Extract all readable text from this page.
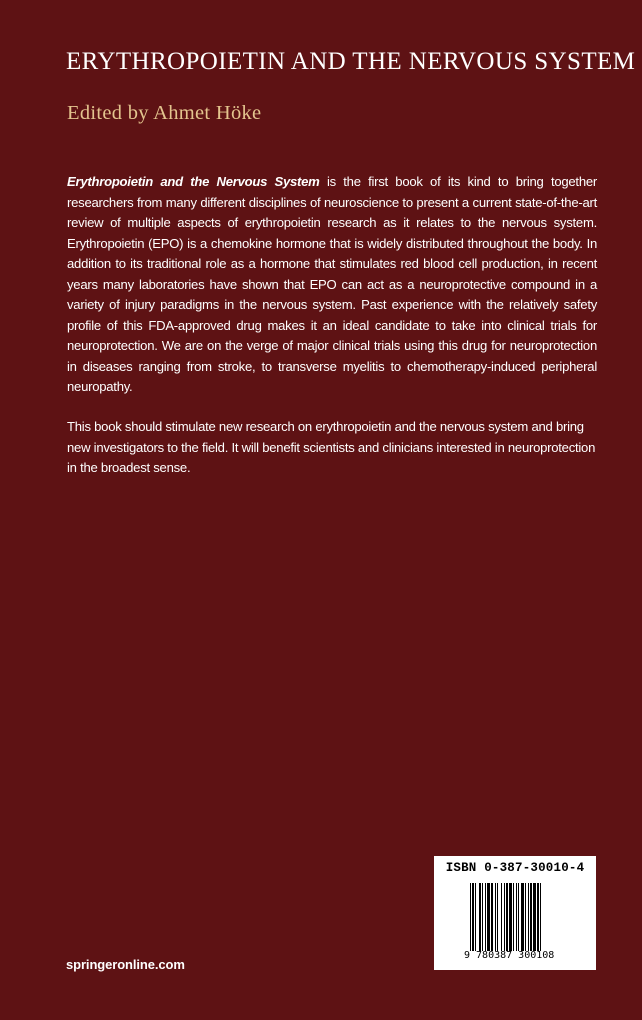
ERYTHROPOIETIN AND THE NERVOUS SYSTEM

Edited by Ahmet Höke

Erythropoietin and the Nervous System is the first book of its kind to bring together researchers from many different disciplines of neuroscience to present a current state-of-the-art review of multiple aspects of erythropoietin research as it relates to the nervous system. Erythropoietin (EPO) is a chemokine hormone that is widely distributed throughout the body. In addition to its traditional role as a hormone that stimulates red blood cell production, in recent years many laboratories have shown that EPO can act as a neuroprotective compound in a variety of injury paradigms in the nervous system. Past experience with the relatively safety profile of this FDA-approved drug makes it an ideal candidate to take into clinical trials for neuroprotection. We are on the verge of major clinical trials using this drug for neuroprotection in diseases ranging from stroke, to transverse myelitis to chemotherapy-induced peripheral neuropathy.

This book should stimulate new research on erythropoietin and the nervous system and bring new investigators to the field. It will benefit scientists and clinicians interested in neuroprotection in the broadest sense.

springeronline.com

ISBN 0-387-30010-4

9 780387 300108
